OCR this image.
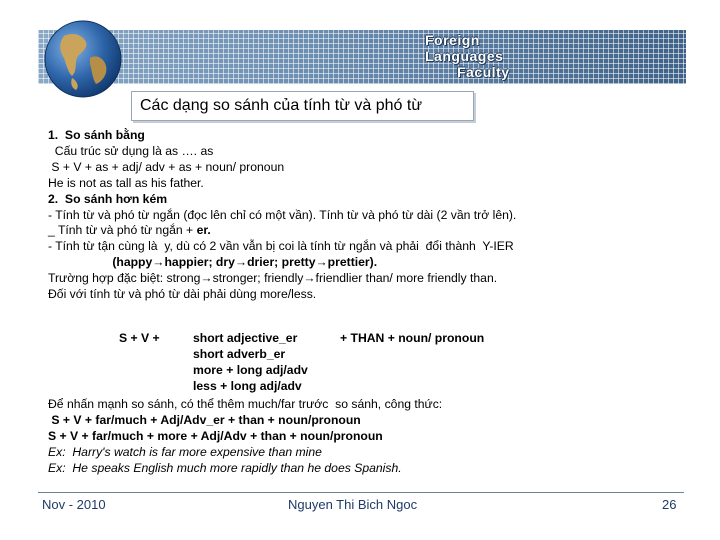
Foreign
Languages
Faculty
Các dạng so sánh của tính từ và phó từ
1.  So sánh bằng
Cấu trúc sử dụng là as …. as
S + V + as + adj/ adv + as + noun/ pronoun
He is not as tall as his father.
2.  So sánh hơn kém
- Tính từ và phó từ ngắn (đọc lên chỉ có một vần). Tính từ và phó từ dài (2 vần trở lên).
_ Tính từ và phó từ ngắn + er.
- Tính từ tận cùng là  y, dù có 2 vần vẫn bị coi là tính từ ngắn và phải  đổi thành  Y-IER
(happy→happier; dry→drier; pretty→prettier).
Trường hợp đặc biệt: strong→stronger; friendly→friendlier than/ more friendly than.
Đối với tính từ và phó từ dài phải dùng more/less.
S + V +	short adjective_er
short adverb_er
more + long adj/adv
less + long adj/adv
+ THAN + noun/ pronoun
Để nhấn mạnh so sánh, có thể thêm much/far trước  so sánh, công thức:
S + V + far/much + Adj/Adv_er + than + noun/pronoun
S + V + far/much + more + Adj/Adv + than + noun/pronoun
Ex:  Harry's watch is far more expensive than mine
Ex:  He speaks English much more rapidly than he does Spanish.
Nov - 2010	Nguyen Thi Bich Ngoc	26
